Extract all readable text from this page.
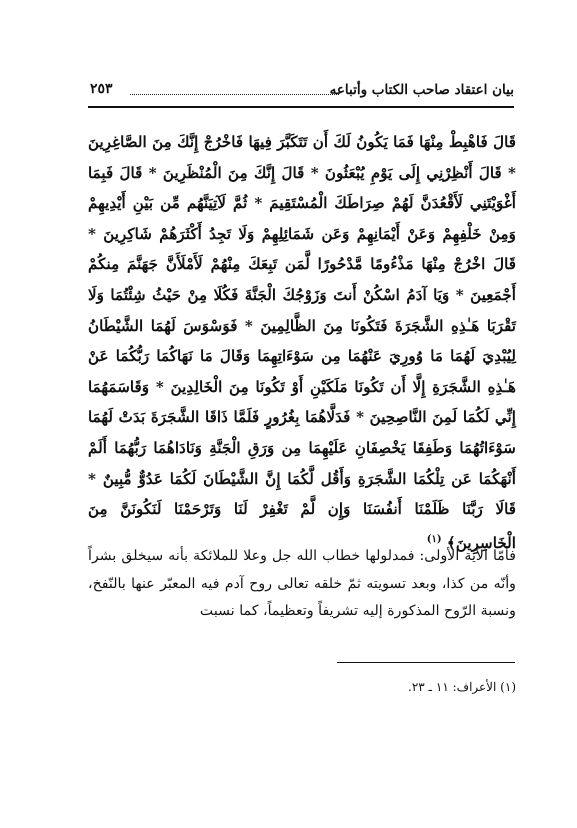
بيان اعتقاد صاحب الكتاب وأتباعه
٢٥٣

قَالَ فَاهْبِطْ مِنْهَا فَمَا يَكُونُ لَكَ أَن تَتَكَبَّرَ فِيهَا فَاخْرُجْ إِنَّكَ مِنَ الصَّاغِرِينَ * قَالَ أَنْظِرْنِي إِلَى يَوْمِ يُبْعَثُونَ * قَالَ إِنَّكَ مِنَ الْمُنْظَرِينَ * قَالَ فَبِمَا أَغْوَيْتَنِي لَأَقْعُدَنَّ لَهُمْ صِرَاطَكَ الْمُسْتَقِيمَ * ثُمَّ لَآتِيَنَّهُم مِّن بَيْنِ أَيْدِيهِمْ وَمِنْ خَلْفِهِمْ وَعَنْ أَيْمَانِهِمْ وَعَن شَمَائِلِهِمْ وَلَا تَجِدُ أَكْثَرَهُمْ شَاكِرِينَ * قَالَ اخْرُجْ مِنْهَا مَذْءُومًا مَّدْحُورًا لَّمَن تَبِعَكَ مِنْهُمْ لَأَمْلَأَنَّ جَهَنَّمَ مِنكُمْ أَجْمَعِينَ * وَيَا آدَمُ اسْكُنْ أَنتَ وَزَوْجُكَ الْجَنَّةَ فَكُلَا مِنْ حَيْثُ شِئْتُمَا وَلَا تَقْرَبَا هَـٰذِهِ الشَّجَرَةَ فَتَكُونَا مِنَ الظَّالِمِينَ * فَوَسْوَسَ لَهُمَا الشَّيْطَانُ لِيُبْدِيَ لَهُمَا مَا وُورِيَ عَنْهُمَا مِن سَوْءَاتِهِمَا وَقَالَ مَا نَهَاكُمَا رَبُّكُمَا عَنْ هَـٰذِهِ الشَّجَرَةِ إِلَّا أَن تَكُونَا مَلَكَيْنِ أَوْ تَكُونَا مِنَ الْخَالِدِينَ * وَقَاسَمَهُمَا إِنِّي لَكُمَا لَمِنَ النَّاصِحِينَ * فَدَلَّاهُمَا بِغُرُورٍ فَلَمَّا ذَاقَا الشَّجَرَةَ بَدَتْ لَهُمَا سَوْءَاتُهُمَا وَطَفِقَا يَخْصِفَانِ عَلَيْهِمَا مِن وَرَقِ الْجَنَّةِ وَنَادَاهُمَا رَبُّهُمَا أَلَمْ أَنْهَكُمَا عَن تِلْكُمَا الشَّجَرَةِ وَأَقُل لَّكُمَا إِنَّ الشَّيْطَانَ لَكُمَا عَدُوٌّ مُّبِينٌ * قَالَا رَبَّنَا ظَلَمْنَا أَنفُسَنَا وَإِن لَّمْ تَغْفِرْ لَنَا وَتَرْحَمْنَا لَنَكُونَنَّ مِنَ الْخَاسِرِينَ﴾ $^{(١)}$

فأمّا الآية الأولى: فمدلولها خطاب الله جل وعلا للملائكة بأنه سيخلق بشراً وأنّه من كذا، وبعد تسويته ثمّ خلقه تعالى روح آدم فيه المعبّر عنها بالنّفخ، ونسبة الرّوح المذكورة إليه تشريفاً وتعظيماً، كما نسبت

(١) الأعراف: ١١ ـ ٢٣.
